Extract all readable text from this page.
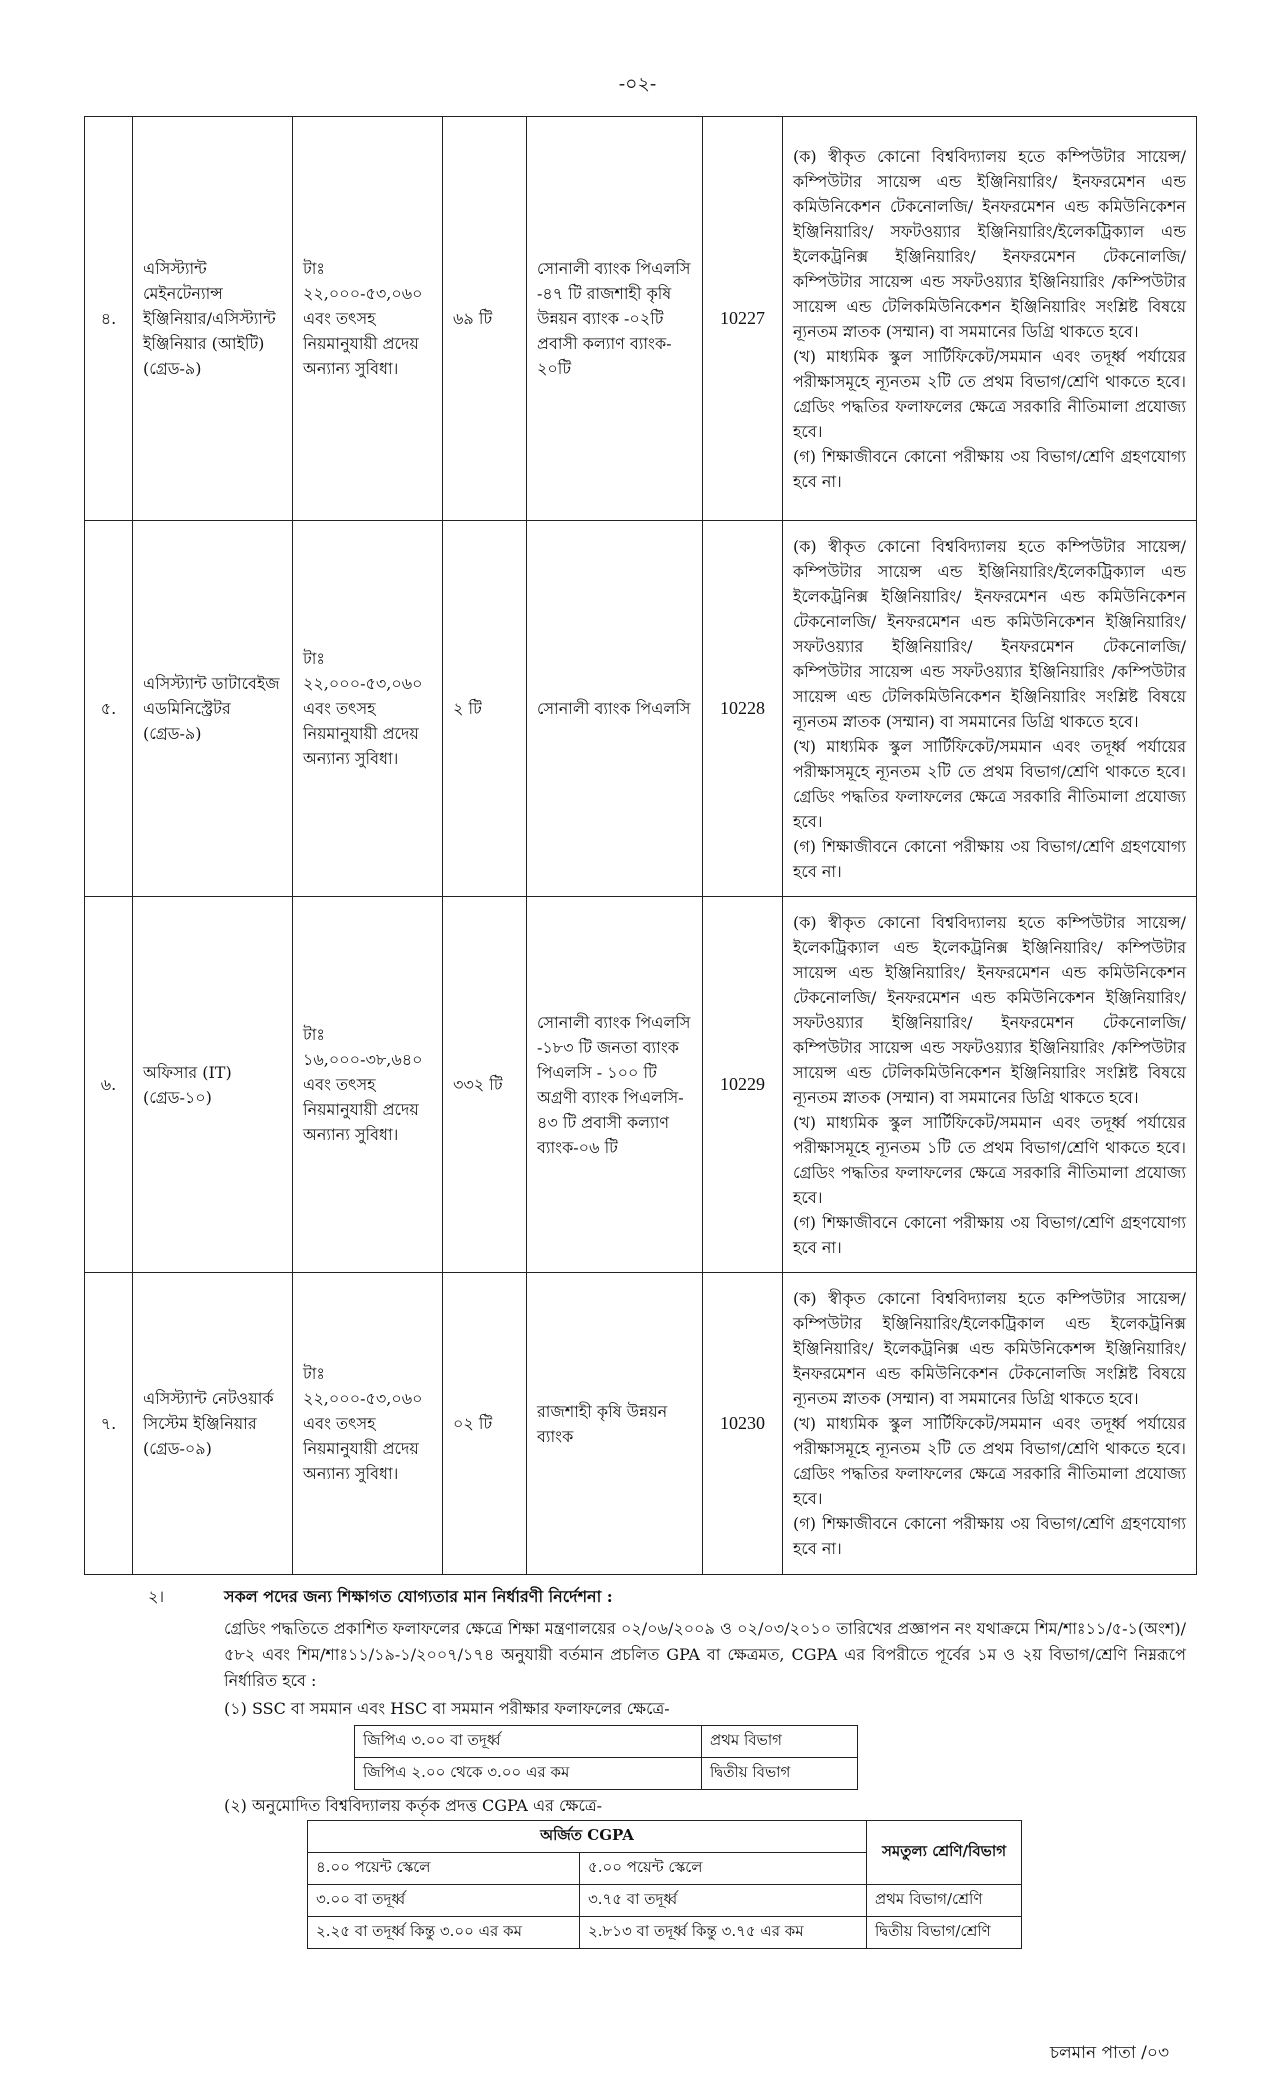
-০২-
৪.	এসিস্ট্যান্ট মেইনটেন্যান্স ইঞ্জিনিয়ার/এসিস্ট্যান্ট ইঞ্জিনিয়ার (আইটি) (গ্রেড-৯)	টাঃ ২২,০০০-৫৩,০৬০ এবং তৎসহ নিয়মানুযায়ী প্রদেয় অন্যান্য সুবিধা।	৬৯ টি	সোনালী ব্যাংক পিএলসি -৪৭ টি রাজশাহী কৃষি উন্নয়ন ব্যাংক -০২টি প্রবাসী কল্যাণ ব্যাংক- ২০টি	10227	(ক) স্বীকৃত কোনো বিশ্ববিদ্যালয় হতে কম্পিউটার সায়েন্স/ কম্পিউটার সায়েন্স এন্ড ইঞ্জিনিয়ারিং/ ইনফরমেশন এন্ড কমিউনিকেশন টেকনোলজি/ ইনফরমেশন এন্ড কমিউনিকেশন ইঞ্জিনিয়ারিং/ সফটওয়্যার ইঞ্জিনিয়ারিং/ইলেকট্রিক্যাল এন্ড ইলেকট্রনিক্স ইঞ্জিনিয়ারিং/ ইনফরমেশন টেকনোলজি/কম্পিউটার সায়েন্স এন্ড সফটওয়্যার ইঞ্জিনিয়ারিং /কম্পিউটার সায়েন্স এন্ড টেলিকমিউনিকেশন ইঞ্জিনিয়ারিং সংশ্লিষ্ট বিষয়ে ন্যূনতম স্নাতক (সম্মান) বা সমমানের ডিগ্রি থাকতে হবে।
(খ) মাধ্যমিক স্কুল সার্টিফিকেট/সমমান এবং তদূর্ধ্ব পর্যায়ের পরীক্ষাসমূহে ন্যূনতম ২টি তে প্রথম বিভাগ/শ্রেণি থাকতে হবে। গ্রেডিং পদ্ধতির ফলাফলের ক্ষেত্রে সরকারি নীতিমালা প্রযোজ্য হবে।
(গ) শিক্ষাজীবনে কোনো পরীক্ষায় ৩য় বিভাগ/শ্রেণি গ্রহণযোগ্য হবে না।

৫.	এসিস্ট্যান্ট ডাটাবেইজ এডমিনিস্ট্রেটর (গ্রেড-৯)	টাঃ ২২,০০০-৫৩,০৬০ এবং তৎসহ নিয়মানুযায়ী প্রদেয় অন্যান্য সুবিধা।	২ টি	সোনালী ব্যাংক পিএলসি	10228	(ক) স্বীকৃত কোনো বিশ্ববিদ্যালয় হতে কম্পিউটার সায়েন্স/ কম্পিউটার সায়েন্স এন্ড ইঞ্জিনিয়ারিং/ইলেকট্রিক্যাল এন্ড ইলেকট্রনিক্স ইঞ্জিনিয়ারিং/ ইনফরমেশন এন্ড কমিউনিকেশন টেকনোলজি/ ইনফরমেশন এন্ড কমিউনিকেশন ইঞ্জিনিয়ারিং/ সফটওয়্যার ইঞ্জিনিয়ারিং/ ইনফরমেশন টেকনোলজি/ কম্পিউটার সায়েন্স এন্ড সফটওয়্যার ইঞ্জিনিয়ারিং /কম্পিউটার সায়েন্স এন্ড টেলিকমিউনিকেশন ইঞ্জিনিয়ারিং সংশ্লিষ্ট বিষয়ে ন্যূনতম স্নাতক (সম্মান) বা সমমানের ডিগ্রি থাকতে হবে।
(খ) মাধ্যমিক স্কুল সার্টিফিকেট/সমমান এবং তদূর্ধ্ব পর্যায়ের পরীক্ষাসমূহে ন্যূনতম ২টি তে প্রথম বিভাগ/শ্রেণি থাকতে হবে। গ্রেডিং পদ্ধতির ফলাফলের ক্ষেত্রে সরকারি নীতিমালা প্রযোজ্য হবে।
(গ) শিক্ষাজীবনে কোনো পরীক্ষায় ৩য় বিভাগ/শ্রেণি গ্রহণযোগ্য হবে না।

৬.	অফিসার (IT) (গ্রেড-১০)	টাঃ ১৬,০০০-৩৮,৬৪০ এবং তৎসহ নিয়মানুযায়ী প্রদেয় অন্যান্য সুবিধা।	৩৩২ টি	সোনালী ব্যাংক পিএলসি -১৮৩ টি জনতা ব্যাংক পিএলসি - ১০০ টি অগ্রণী ব্যাংক পিএলসি- ৪৩ টি প্রবাসী কল্যাণ ব্যাংক-০৬ টি	10229	(ক) স্বীকৃত কোনো বিশ্ববিদ্যালয় হতে কম্পিউটার সায়েন্স/ইলেকট্রিক্যাল এন্ড ইলেকট্রনিক্স ইঞ্জিনিয়ারিং/ কম্পিউটার সায়েন্স এন্ড ইঞ্জিনিয়ারিং/ ইনফরমেশন এন্ড কমিউনিকেশন টেকনোলজি/ ইনফরমেশন এন্ড কমিউনিকেশন ইঞ্জিনিয়ারিং/ সফটওয়্যার ইঞ্জিনিয়ারিং/ ইনফরমেশন টেকনোলজি/ কম্পিউটার সায়েন্স এন্ড সফটওয়্যার ইঞ্জিনিয়ারিং /কম্পিউটার সায়েন্স এন্ড টেলিকমিউনিকেশন ইঞ্জিনিয়ারিং সংশ্লিষ্ট বিষয়ে ন্যূনতম স্নাতক (সম্মান) বা সমমানের ডিগ্রি থাকতে হবে।
(খ) মাধ্যমিক স্কুল সার্টিফিকেট/সমমান এবং তদূর্ধ্ব পর্যায়ের পরীক্ষাসমূহে ন্যূনতম ১টি তে প্রথম বিভাগ/শ্রেণি থাকতে হবে। গ্রেডিং পদ্ধতির ফলাফলের ক্ষেত্রে সরকারি নীতিমালা প্রযোজ্য হবে।
(গ) শিক্ষাজীবনে কোনো পরীক্ষায় ৩য় বিভাগ/শ্রেণি গ্রহণযোগ্য হবে না।

৭.	এসিস্ট্যান্ট নেটওয়ার্ক সিস্টেম ইঞ্জিনিয়ার (গ্রেড-০৯)	টাঃ ২২,০০০-৫৩,০৬০ এবং তৎসহ নিয়মানুযায়ী প্রদেয় অন্যান্য সুবিধা।	০২ টি	রাজশাহী কৃষি উন্নয়ন ব্যাংক	10230	(ক) স্বীকৃত কোনো বিশ্ববিদ্যালয় হতে কম্পিউটার সায়েন্স/ কম্পিউটার ইঞ্জিনিয়ারিং/ইলেকট্রিকাল এন্ড ইলেকট্রনিক্স ইঞ্জিনিয়ারিং/ ইলেকট্রনিক্স এন্ড কমিউনিকেশন্স ইঞ্জিনিয়ারিং/ইনফরমেশন এন্ড কমিউনিকেশন টেকনোলজি সংশ্লিষ্ট বিষয়ে ন্যূনতম স্নাতক (সম্মান) বা সমমানের ডিগ্রি থাকতে হবে।
(খ) মাধ্যমিক স্কুল সার্টিফিকেট/সমমান এবং তদূর্ধ্ব পর্যায়ের পরীক্ষাসমূহে ন্যূনতম ২টি তে প্রথম বিভাগ/শ্রেণি থাকতে হবে। গ্রেডিং পদ্ধতির ফলাফলের ক্ষেত্রে সরকারি নীতিমালা প্রযোজ্য হবে।
(গ) শিক্ষাজীবনে কোনো পরীক্ষায় ৩য় বিভাগ/শ্রেণি গ্রহণযোগ্য হবে না।
২।	সকল পদের জন্য শিক্ষাগত যোগ্যতার মান নির্ধারণী নির্দেশনা :
গ্রেডিং পদ্ধতিতে প্রকাশিত ফলাফলের ক্ষেত্রে শিক্ষা মন্ত্রণালয়ের ০২/০৬/২০০৯ ও ০২/০৩/২০১০ তারিখের প্রজ্ঞাপন নং যথাক্রমে শিম/শাঃ১১/৫-১(অংশ)/৫৮২ এবং শিম/শাঃ১১/১৯-১/২০০৭/১৭৪ অনুযায়ী বর্তমান প্রচলিত GPA বা ক্ষেত্রমত, CGPA এর বিপরীতে পূর্বের ১ম ও ২য় বিভাগ/শ্রেণি নিম্নরূপে নির্ধারিত হবে :
(১) SSC বা সমমান এবং HSC বা সমমান পরীক্ষার ফলাফলের ক্ষেত্রে-
জিপিএ ৩.০০ বা তদূর্ধ্ব	প্রথম বিভাগ
জিপিএ ২.০০ থেকে ৩.০০ এর কম	দ্বিতীয় বিভাগ
(২) অনুমোদিত বিশ্ববিদ্যালয় কর্তৃক প্রদত্ত CGPA এর ক্ষেত্রে-
অর্জিত CGPA		সমতুল্য শ্রেণি/বিভাগ
৪.০০ পয়েন্ট স্কেলে	৫.০০ পয়েন্ট স্কেলে	
৩.০০ বা তদূর্ধ্ব	৩.৭৫ বা তদূর্ধ্ব	প্রথম বিভাগ/শ্রেণি
২.২৫ বা তদূর্ধ্ব কিন্তু ৩.০০ এর কম	২.৮১৩ বা তদূর্ধ্ব কিন্তু ৩.৭৫ এর কম	দ্বিতীয় বিভাগ/শ্রেণি
চলমান পাতা /০৩
